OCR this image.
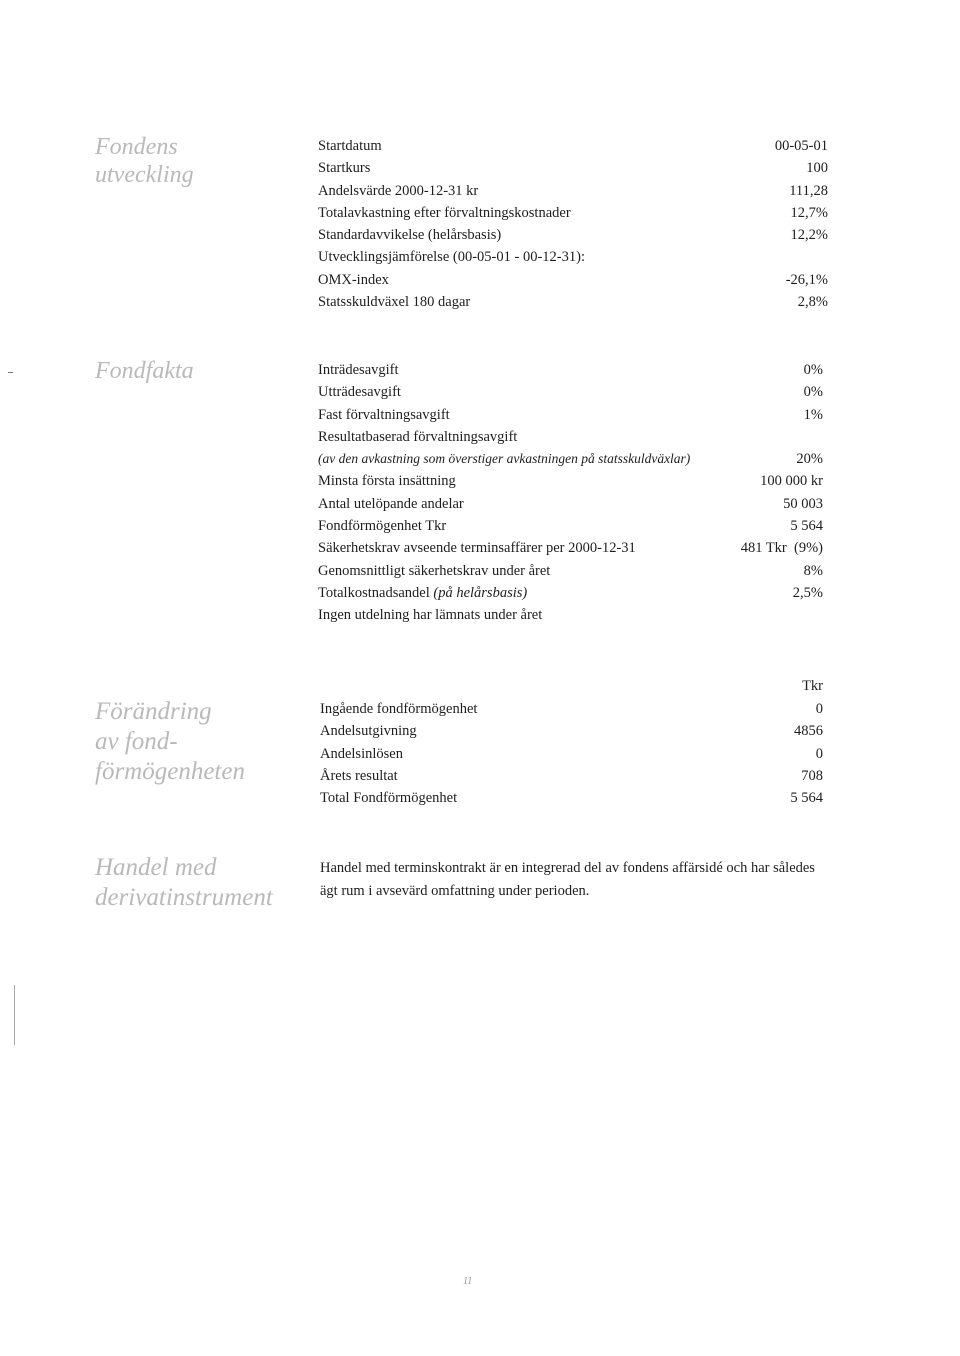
Fondens
utveckling
Startdatum	00-05-01
Startkurs	100
Andelsvärde 2000-12-31 kr	111,28
Totalavkastning efter förvaltningskostnader	12,7%
Standardavvikelse (helårsbasis)	12,2%
Utvecklingsjämförelse (00-05-01 - 00-12-31):
OMX-index	-26,1%
Statsskuldväxel 180 dagar	2,8%
Fondfakta	Inträdesavgift	0%
Utträdesavgift	0%
Fast förvaltningsavgift	1%
Resultatbaserad förvaltningsavgift
(av den avkastning som överstiger avkastningen på statsskuldväxlar)	20%
Minsta första insättning	100 000 kr
Antal utelöpande andelar	50 003
Fondförmögenhet Tkr	5 564
Säkerhetskrav avseende terminsaffärer per 2000-12-31	481 Tkr  (9%)
Genomsnittligt säkerhetskrav under året	8%
Totalkostnadsandel (på helårsbasis)	2,5%
Ingen utdelning har lämnats under året
Förändring
av fond-
förmögenheten
Tkr
Ingående fondförmögenhet	0
Andelsutgivning	4856
Andelsinlösen	0
Årets resultat	708
Total Fondförmögenhet	5 564
Handel med
derivatinstrument

Handel med terminskontrakt är en integrerad del av fondens affärsidé och har således ägt rum i avsevärd omfattning under perioden.

11
